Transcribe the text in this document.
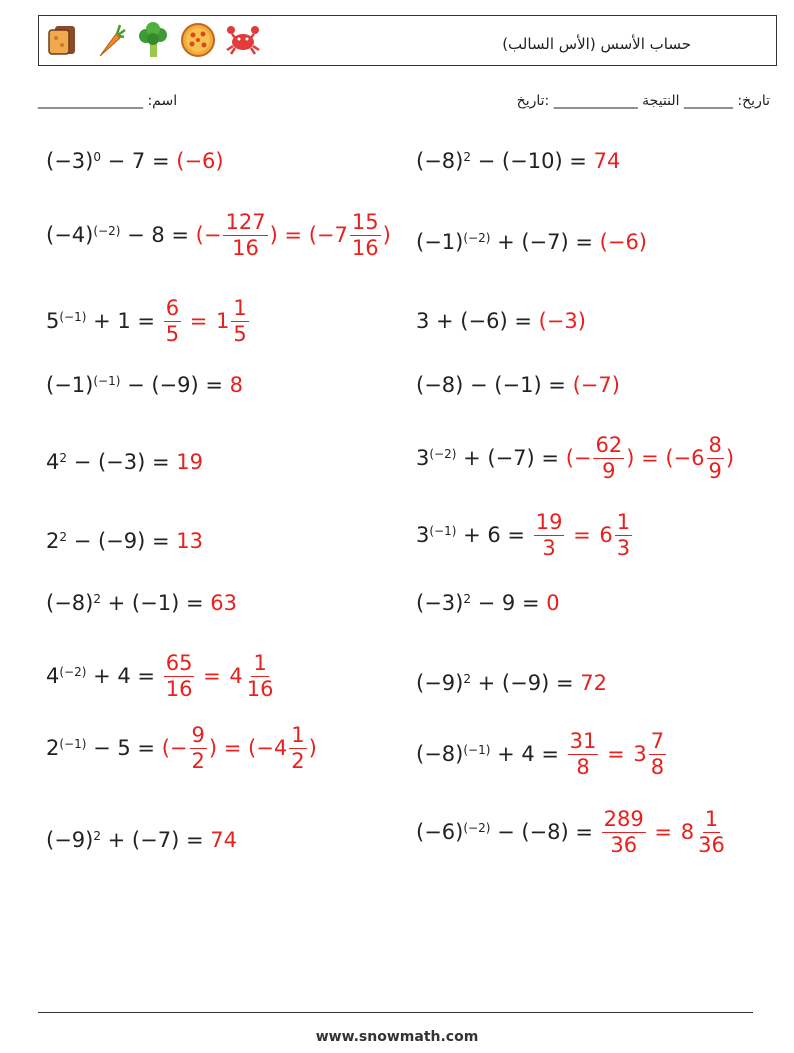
حساب الأسس (الأس السالب)
اسم: _______________	تاريخ: _______ النتيجة ____________ :تاريخ
$(-3)^0 - 7 = (-6)$
$(-4)^{(-2)} - 8$ = (− $\frac{127}{16}$ ) = (− $7 \frac{15}{16}$ )
$5^{(-1)} + 1 = \frac{6}{5} = 1 \frac{1}{5}$
$(-1)^{(-1)} - (-9) = 8$
$4^2 - (-3) = 19$
$2^2 - (-9) = 13$
$(-8)^2 + (-1) = 63$
$4^{(-2)} + 4 = \frac{65}{16} = 4 \frac{1}{16}$
$2^{(-1)} - 5$ = (− $\frac{9}{2}$ ) = (− $4 \frac{1}{2}$ )
$(-9)^2 + (-7) = 74$
$(-8)^2 - (-10) = 74$
$(-1)^{(-2)} + (-7) = (-6)$
3 + (−6) = (−3)
(−8) − (−1) = (−7)
$3^{(-2)} + (-7)$ = (− $\frac{62}{9}$ ) = (− $6 \frac{8}{9}$ )
$3^{(-1)} + 6 = \frac{19}{3} = 6 \frac{1}{3}$
$(-3)^2 - 9 = 0$
$(-9)^2 + (-9) = 72$
$(-8)^{(-1)} + 4 = \frac{31}{8} = 3 \frac{7}{8}$
$(-6)^{(-2)} - (-8) = \frac{289}{36} = 8 \frac{1}{36}$
www.snowmath.com
